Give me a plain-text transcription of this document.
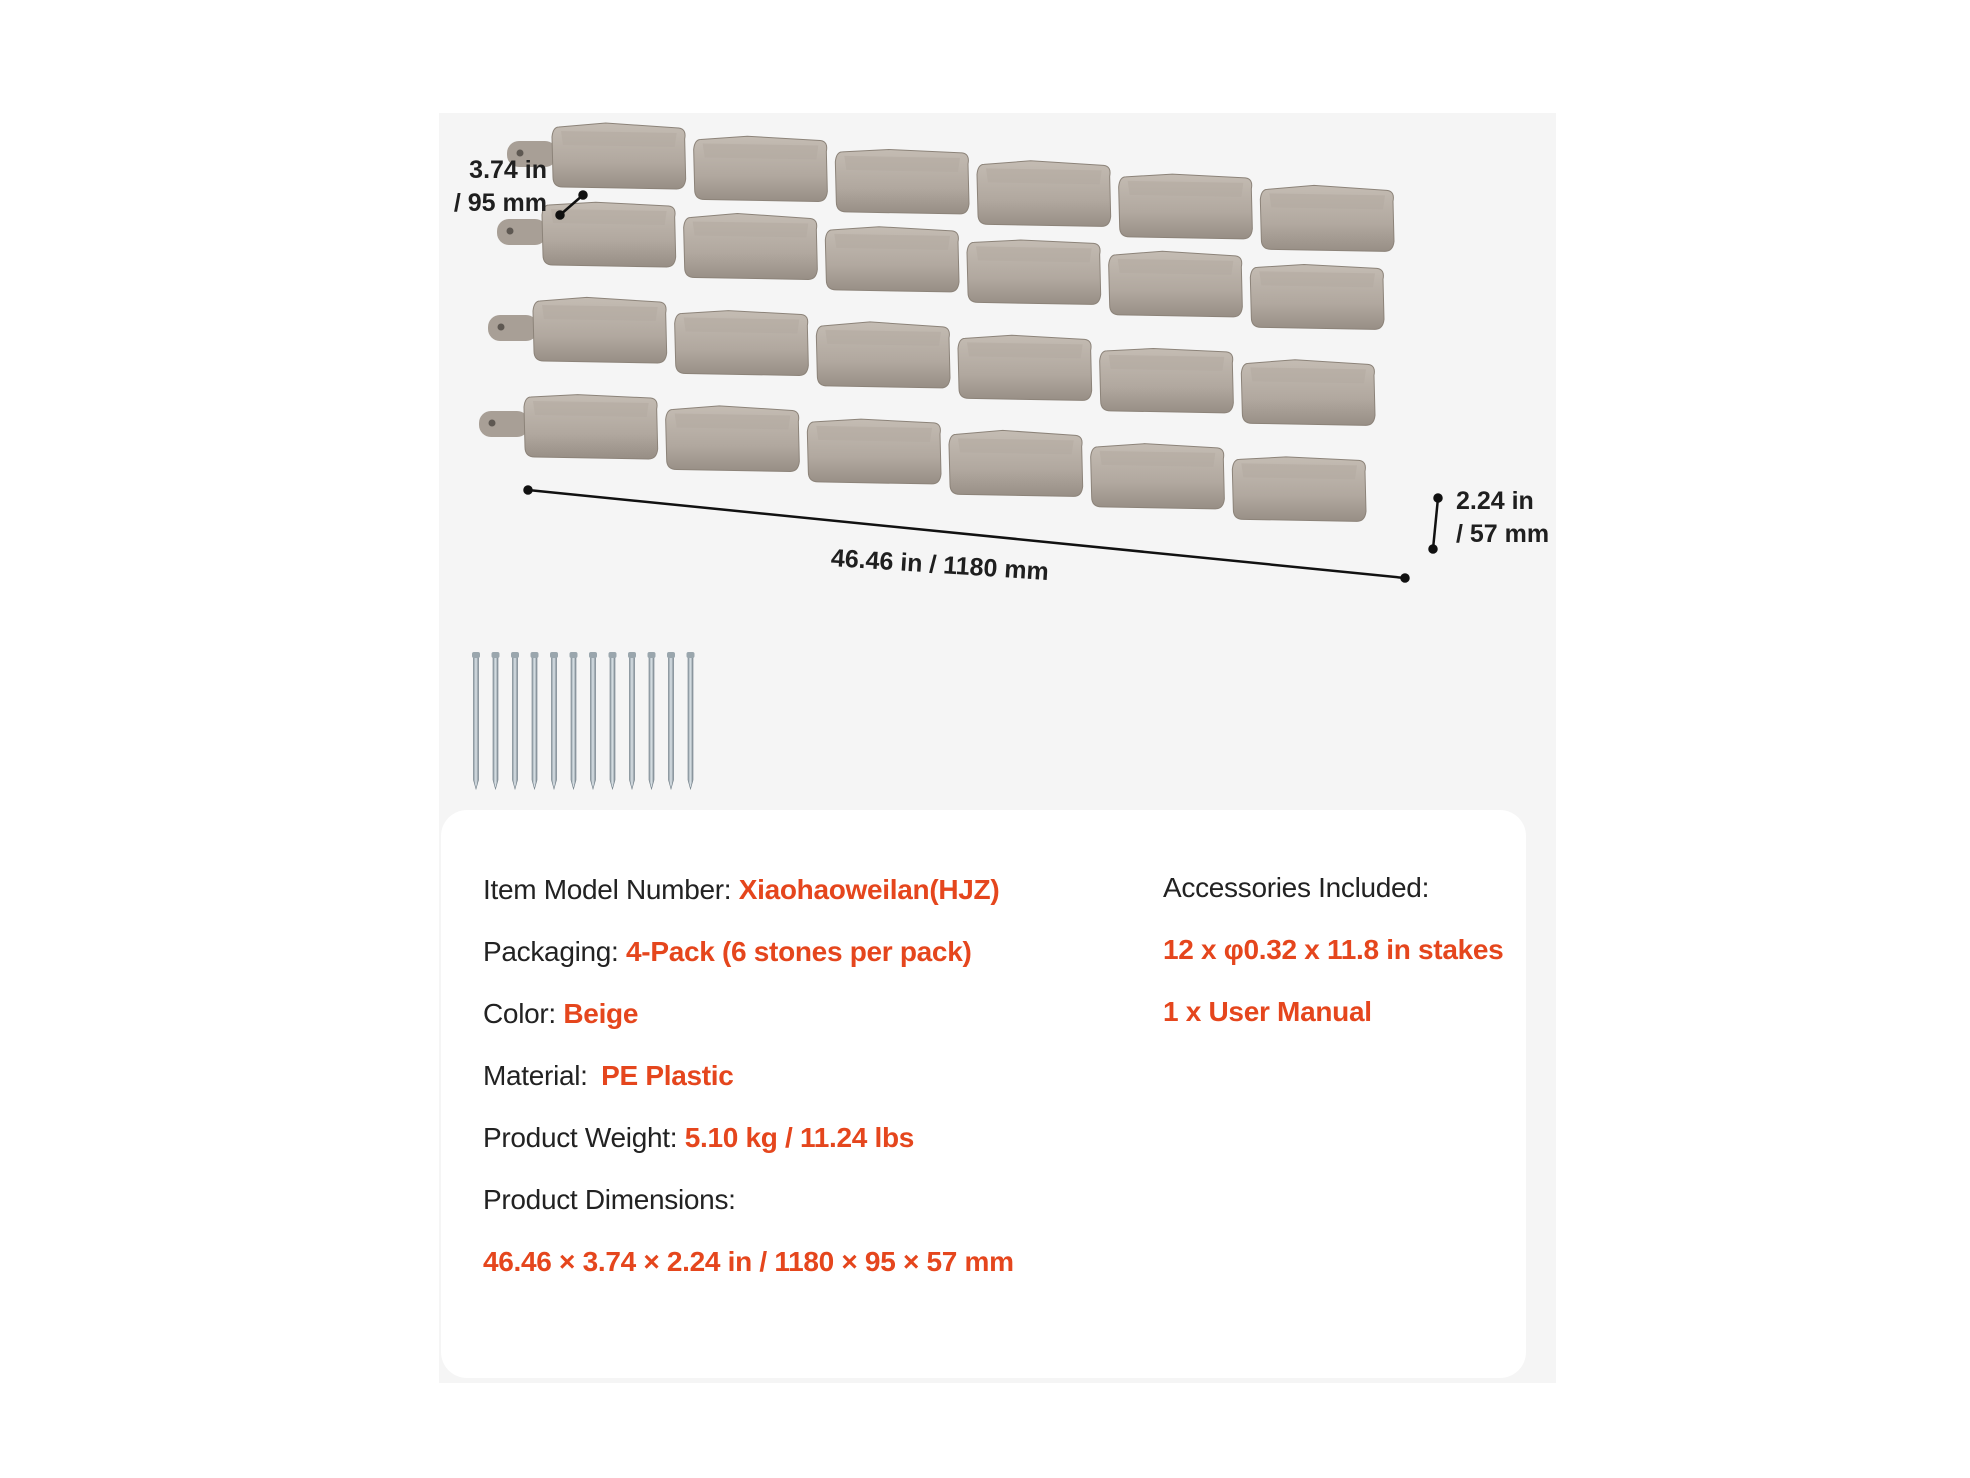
3.74 in
/ 95 mm
2.24 in
/ 57 mm
46.46 in / 1180 mm
Item Model Number: Xiaohaoweilan(HJZ)
Packaging: 4-Pack (6 stones per pack)
Color: Beige
Material: PE Plastic
Product Weight: 5.10 kg / 11.24 lbs
Product Dimensions:
46.46 × 3.74 × 2.24 in / 1180 × 95 × 57 mm
Accessories Included:
12 x φ0.32 x 11.8 in stakes
1 x User Manual
